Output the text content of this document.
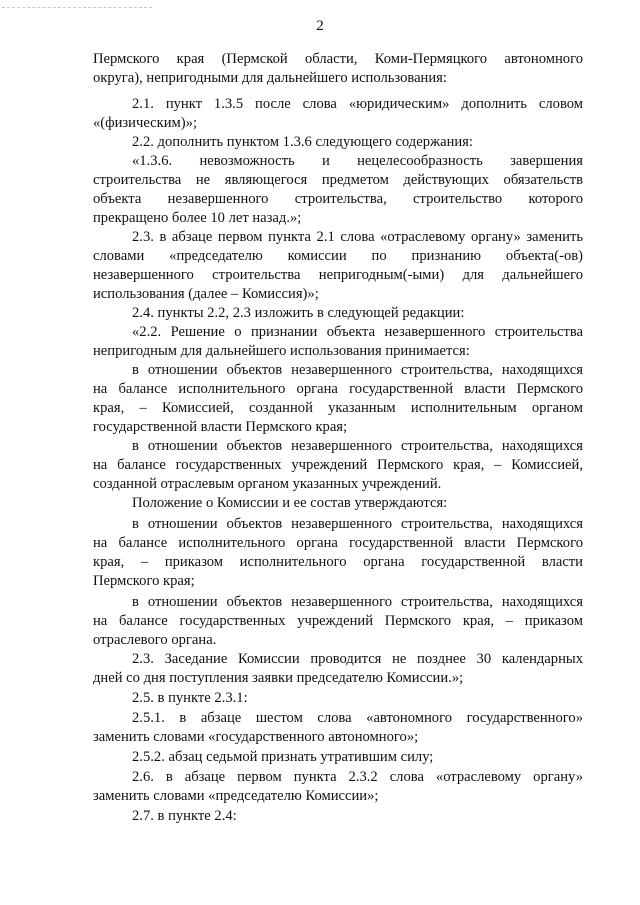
2
Пермского края (Пермской области, Коми-Пермяцкого автономного
округа), непригодными для дальнейшего использования:
2.1. пункт 1.3.5 после слова «юридическим» дополнить словом
«(физическим)»;
2.2. дополнить пунктом 1.3.6 следующего содержания:
«1.3.6. невозможность и нецелесообразность завершения
строительства не являющегося предметом действующих обязательств
объекта незавершенного строительства, строительство которого
прекращено более 10 лет назад.»;
2.3. в абзаце первом пункта 2.1 слова «отраслевому органу» заменить
словами «председателю комиссии по признанию объекта(-ов)
незавершенного строительства непригодным(-ыми) для дальнейшего
использования (далее – Комиссия)»;
2.4. пункты 2.2, 2.3 изложить в следующей редакции:
«2.2. Решение о признании объекта незавершенного строительства
непригодным для дальнейшего использования принимается:
в отношении объектов незавершенного строительства, находящихся
на балансе исполнительного органа государственной власти Пермского
края, – Комиссией, созданной указанным исполнительным органом
государственной власти Пермского края;
в отношении объектов незавершенного строительства, находящихся
на балансе государственных учреждений Пермского края, – Комиссией,
созданной отраслевым органом указанных учреждений.
Положение о Комиссии и ее состав утверждаются:
в отношении объектов незавершенного строительства, находящихся
на балансе исполнительного органа государственной власти Пермского
края, – приказом исполнительного органа государственной власти
Пермского края;
в отношении объектов незавершенного строительства, находящихся
на балансе государственных учреждений Пермского края, – приказом
отраслевого органа.
2.3. Заседание Комиссии проводится не позднее 30 календарных
дней со дня поступления заявки председателю Комиссии.»;
2.5. в пункте 2.3.1:
2.5.1. в абзаце шестом слова «автономного государственного»
заменить словами «государственного автономного»;
2.5.2. абзац седьмой признать утратившим силу;
2.6. в абзаце первом пункта 2.3.2 слова «отраслевому органу»
заменить словами «председателю Комиссии»;
2.7. в пункте 2.4:
